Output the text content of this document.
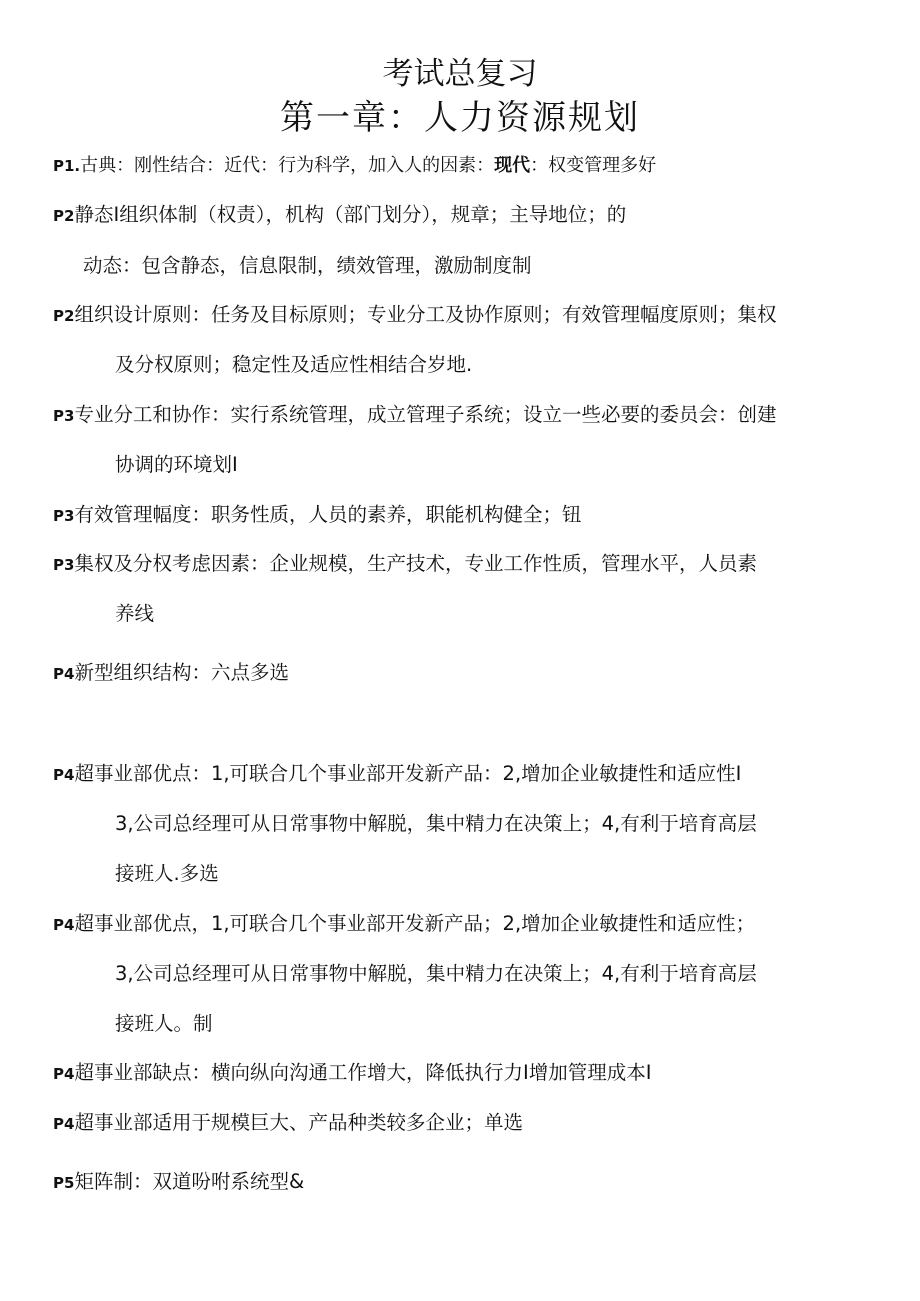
考试总复习
第一章：人力资源规划
P1.古典：刚性结合：近代：行为科学，加入人的因素：现代：权变管理多好
P2静态I组织体制（权责），机构（部门划分），规章；主导地位；的
动态：包含静态，信息限制，绩效管理，激励制度制
P2组织设计原则：任务及目标原则；专业分工及协作原则；有效管理幅度原则；集权
及分权原则；稳定性及适应性相结合岁地.
P3专业分工和协作：实行系统管理，成立管理子系统；设立一些必要的委员会：创建
协调的环境划I
P3有效管理幅度：职务性质，人员的素养，职能机构健全；钮
P3集权及分权考虑因素：企业规模，生产技术，专业工作性质，管理水平，人员素
养线
P4新型组织结构：六点多选
P4超事业部优点：1,可联合几个事业部开发新产品：2,增加企业敏捷性和适应性I
3,公司总经理可从日常事物中解脱，集中精力在决策上；4,有利于培育高层
接班人.多选
P4超事业部优点，1,可联合几个事业部开发新产品；2,增加企业敏捷性和适应性；
3,公司总经理可从日常事物中解脱，集中精力在决策上；4,有利于培育高层
接班人。制
P4超事业部缺点：横向纵向沟通工作增大，降低执行力I增加管理成本I
P4超事业部适用于规模巨大、产品种类较多企业；单选
P5矩阵制：双道吩咐系统型&
